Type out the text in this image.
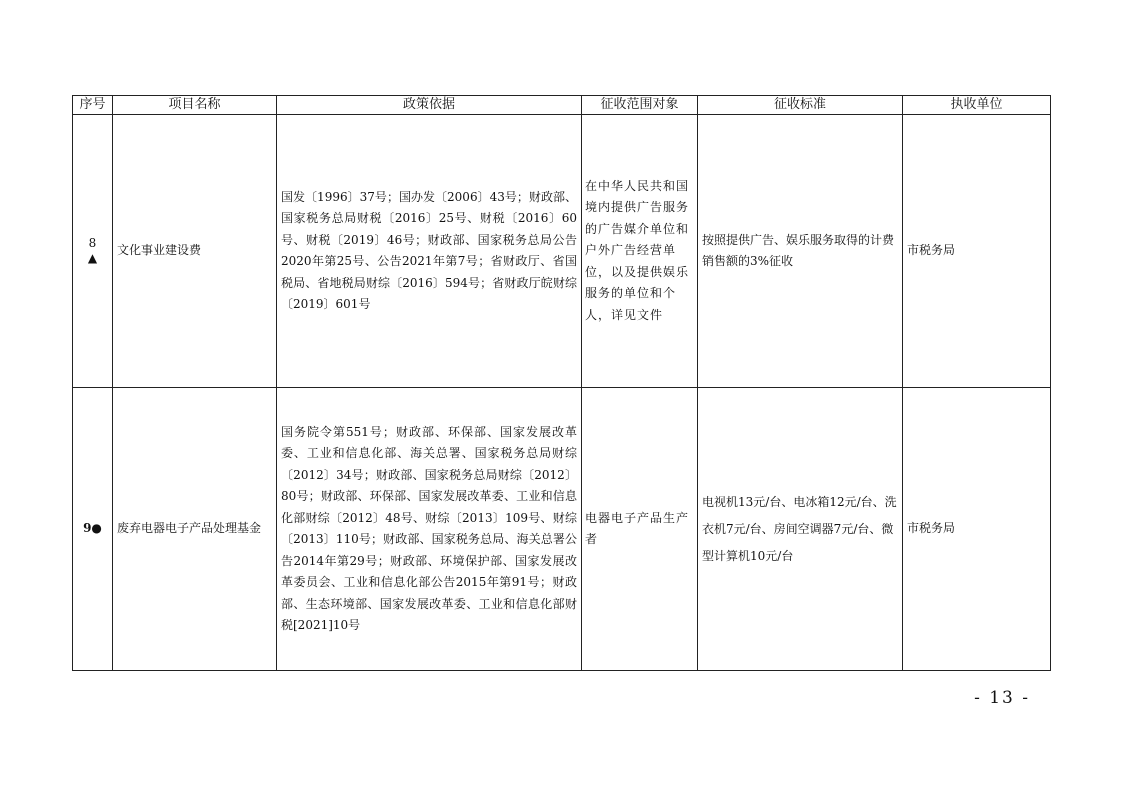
序号	项目名称	政策依据	征收范围对象	征收标准	执收单位

8
▲	文化事业建设费	国发〔1996〕37号；国办发〔2006〕43号；财政部、国家税务总局财税〔2016〕25号、财税〔2016〕60号、财税〔2019〕46号；财政部、国家税务总局公告2020年第25号、公告2021年第7号；省财政厅、省国税局、省地税局财综〔2016〕594号；省财政厅皖财综〔2019〕601号	在中华人民共和国境内提供广告服务的广告媒介单位和户外广告经营单位，以及提供娱乐服务的单位和个人，详见文件	按照提供广告、娱乐服务取得的计费销售额的3%征收	市税务局
9●	废弃电器电子产品处理基金	国务院令第551号；财政部、环保部、国家发展改革委、工业和信息化部、海关总署、国家税务总局财综〔2012〕34号；财政部、国家税务总局财综〔2012〕80号；财政部、环保部、国家发展改革委、工业和信息化部财综〔2012〕48号、财综〔2013〕109号、财综〔2013〕110号；财政部、国家税务总局、海关总署公告2014年第29号；财政部、环境保护部、国家发展改革委员会、工业和信息化部公告2015年第91号；财政部、生态环境部、国家发展改革委、工业和信息化部财税[2021]10号	电器电子产品生产者	电视机13元/台、电冰箱12元/台、洗衣机7元/台、房间空调器7元/台、微型计算机10元/台	市税务局
- 13 -
